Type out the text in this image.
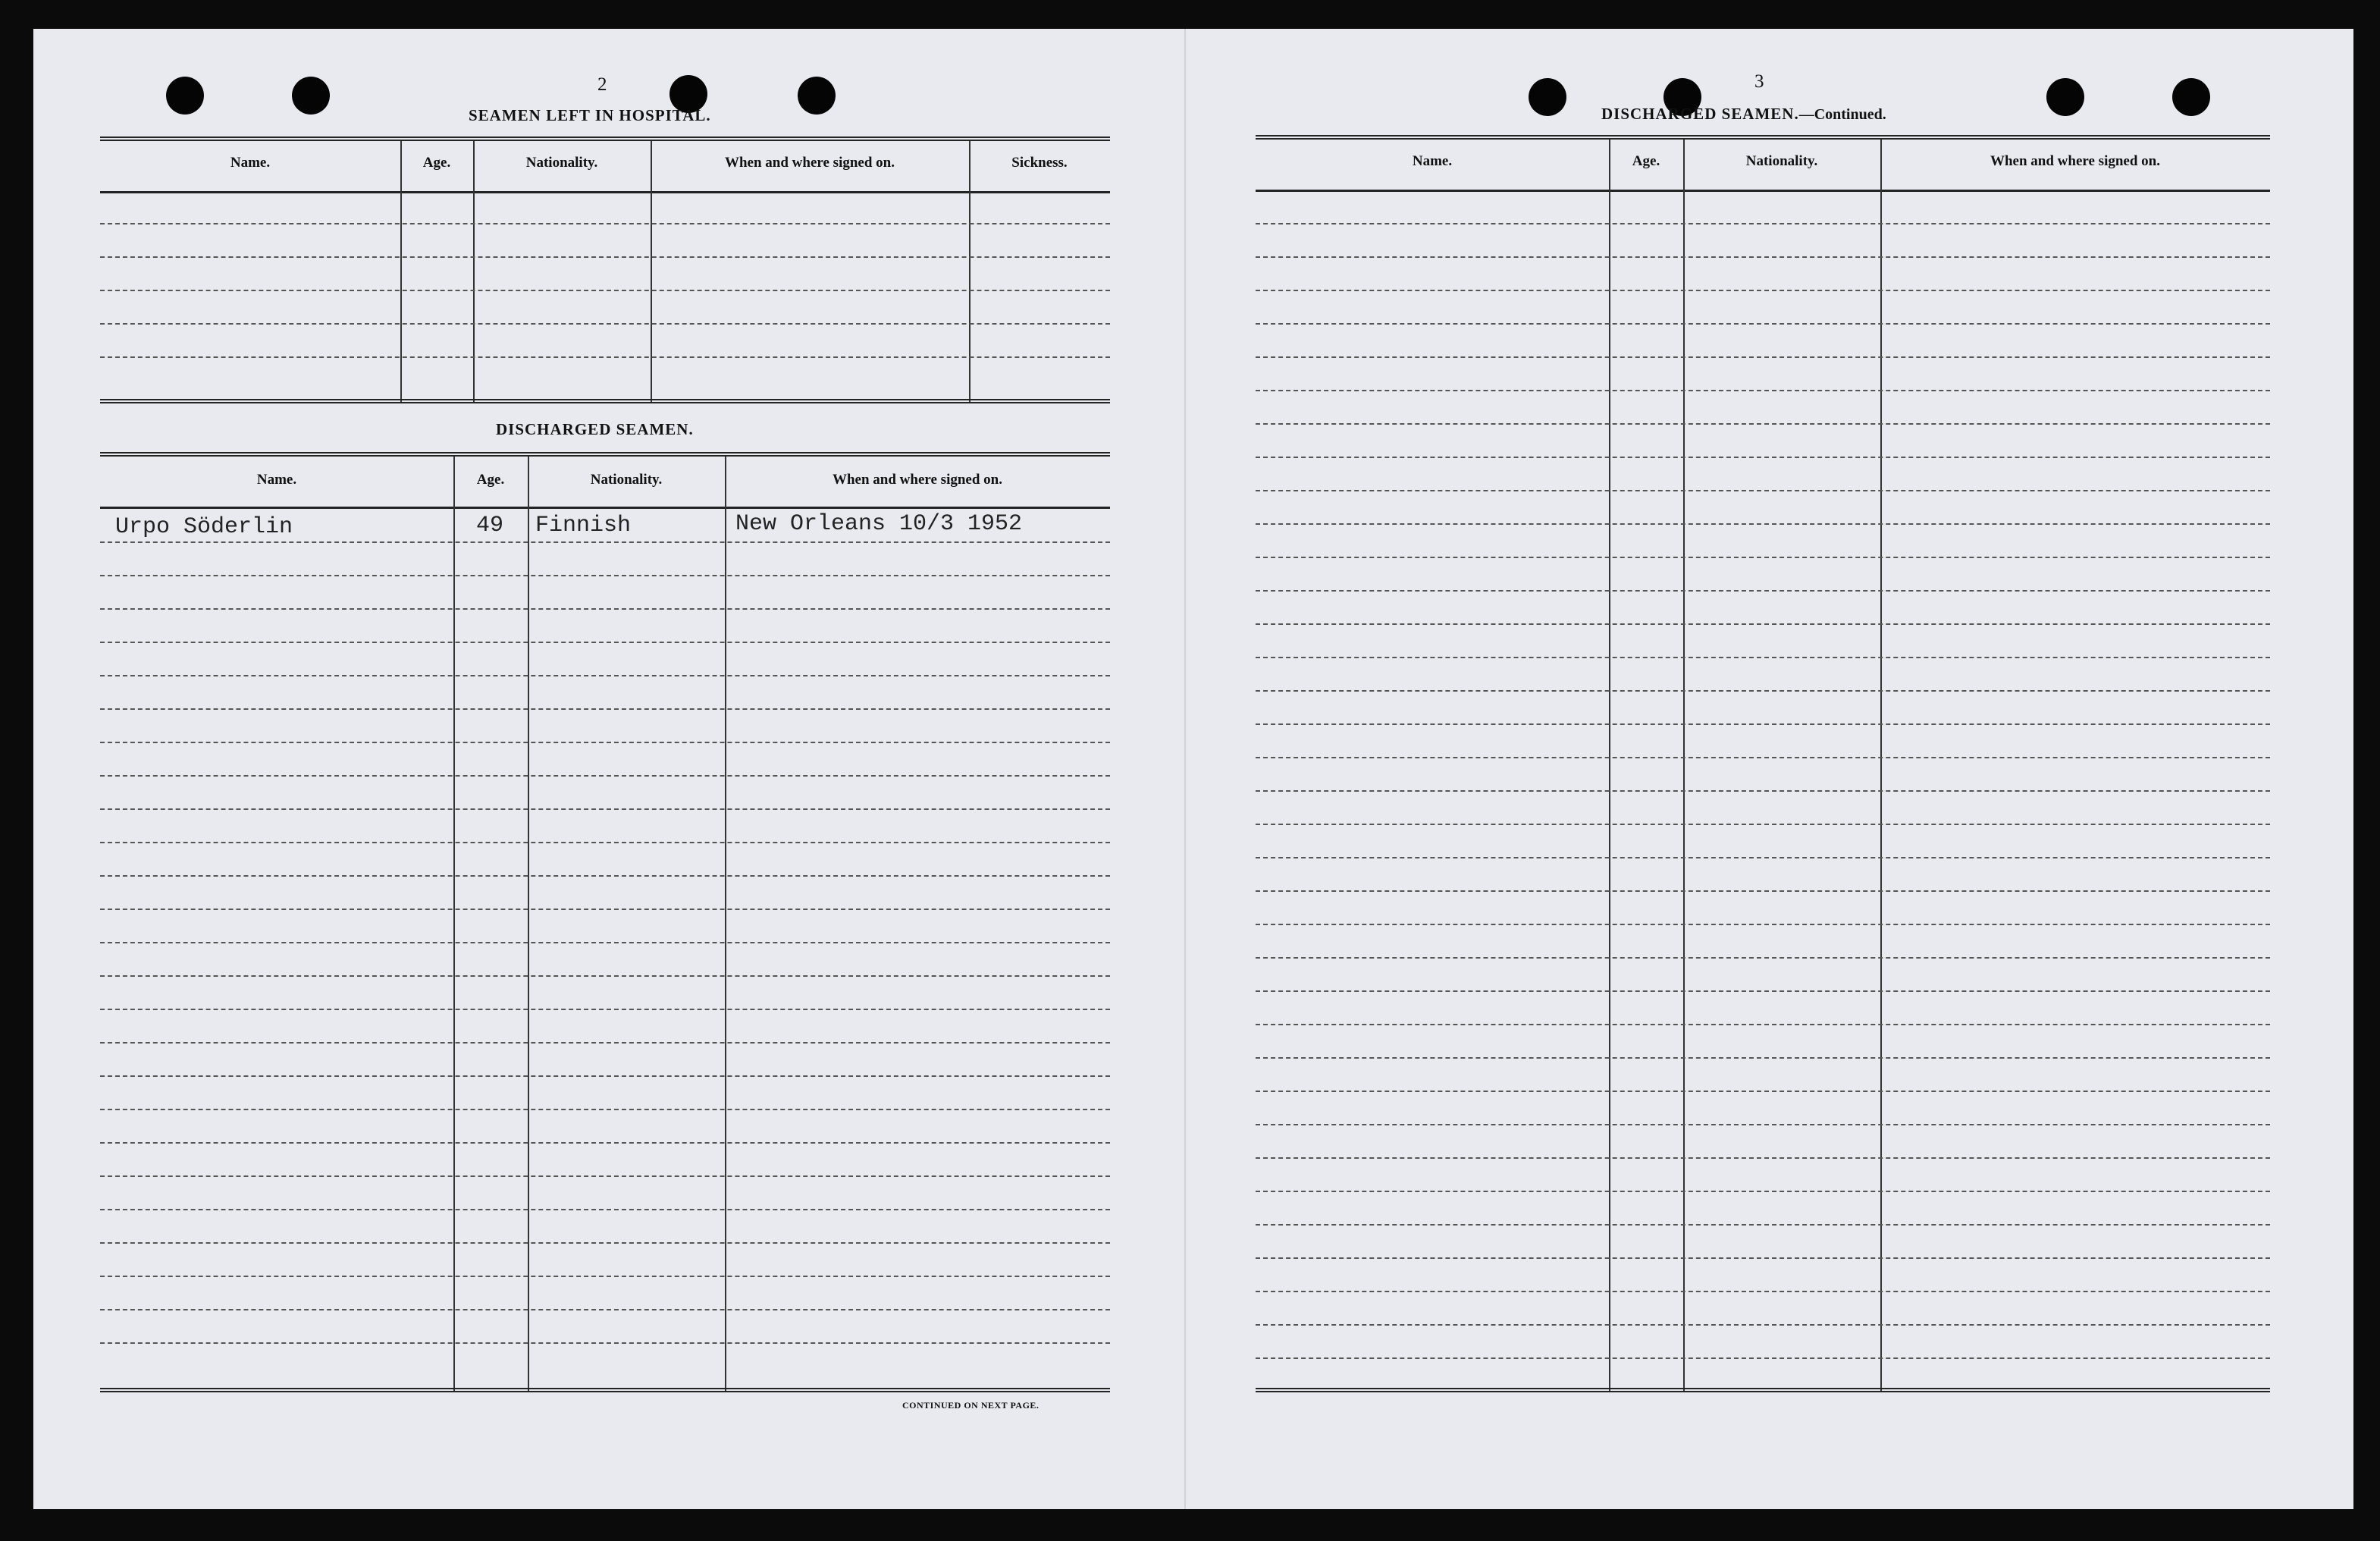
2
SEAMEN LEFT IN HOSPITAL.
Name.	Age.	Nationality.	When and where signed on.	Sickness.
DISCHARGED SEAMEN.
Name.	Age.	Nationality.	When and where signed on.
Urpo Söderlin	49 Finnish	New Orleans 10/3 1952
CONTINUED ON NEXT PAGE.
3
DISCHARGED SEAMEN.—Continued.
Name.	Age.	Nationality.	When and where signed on.
